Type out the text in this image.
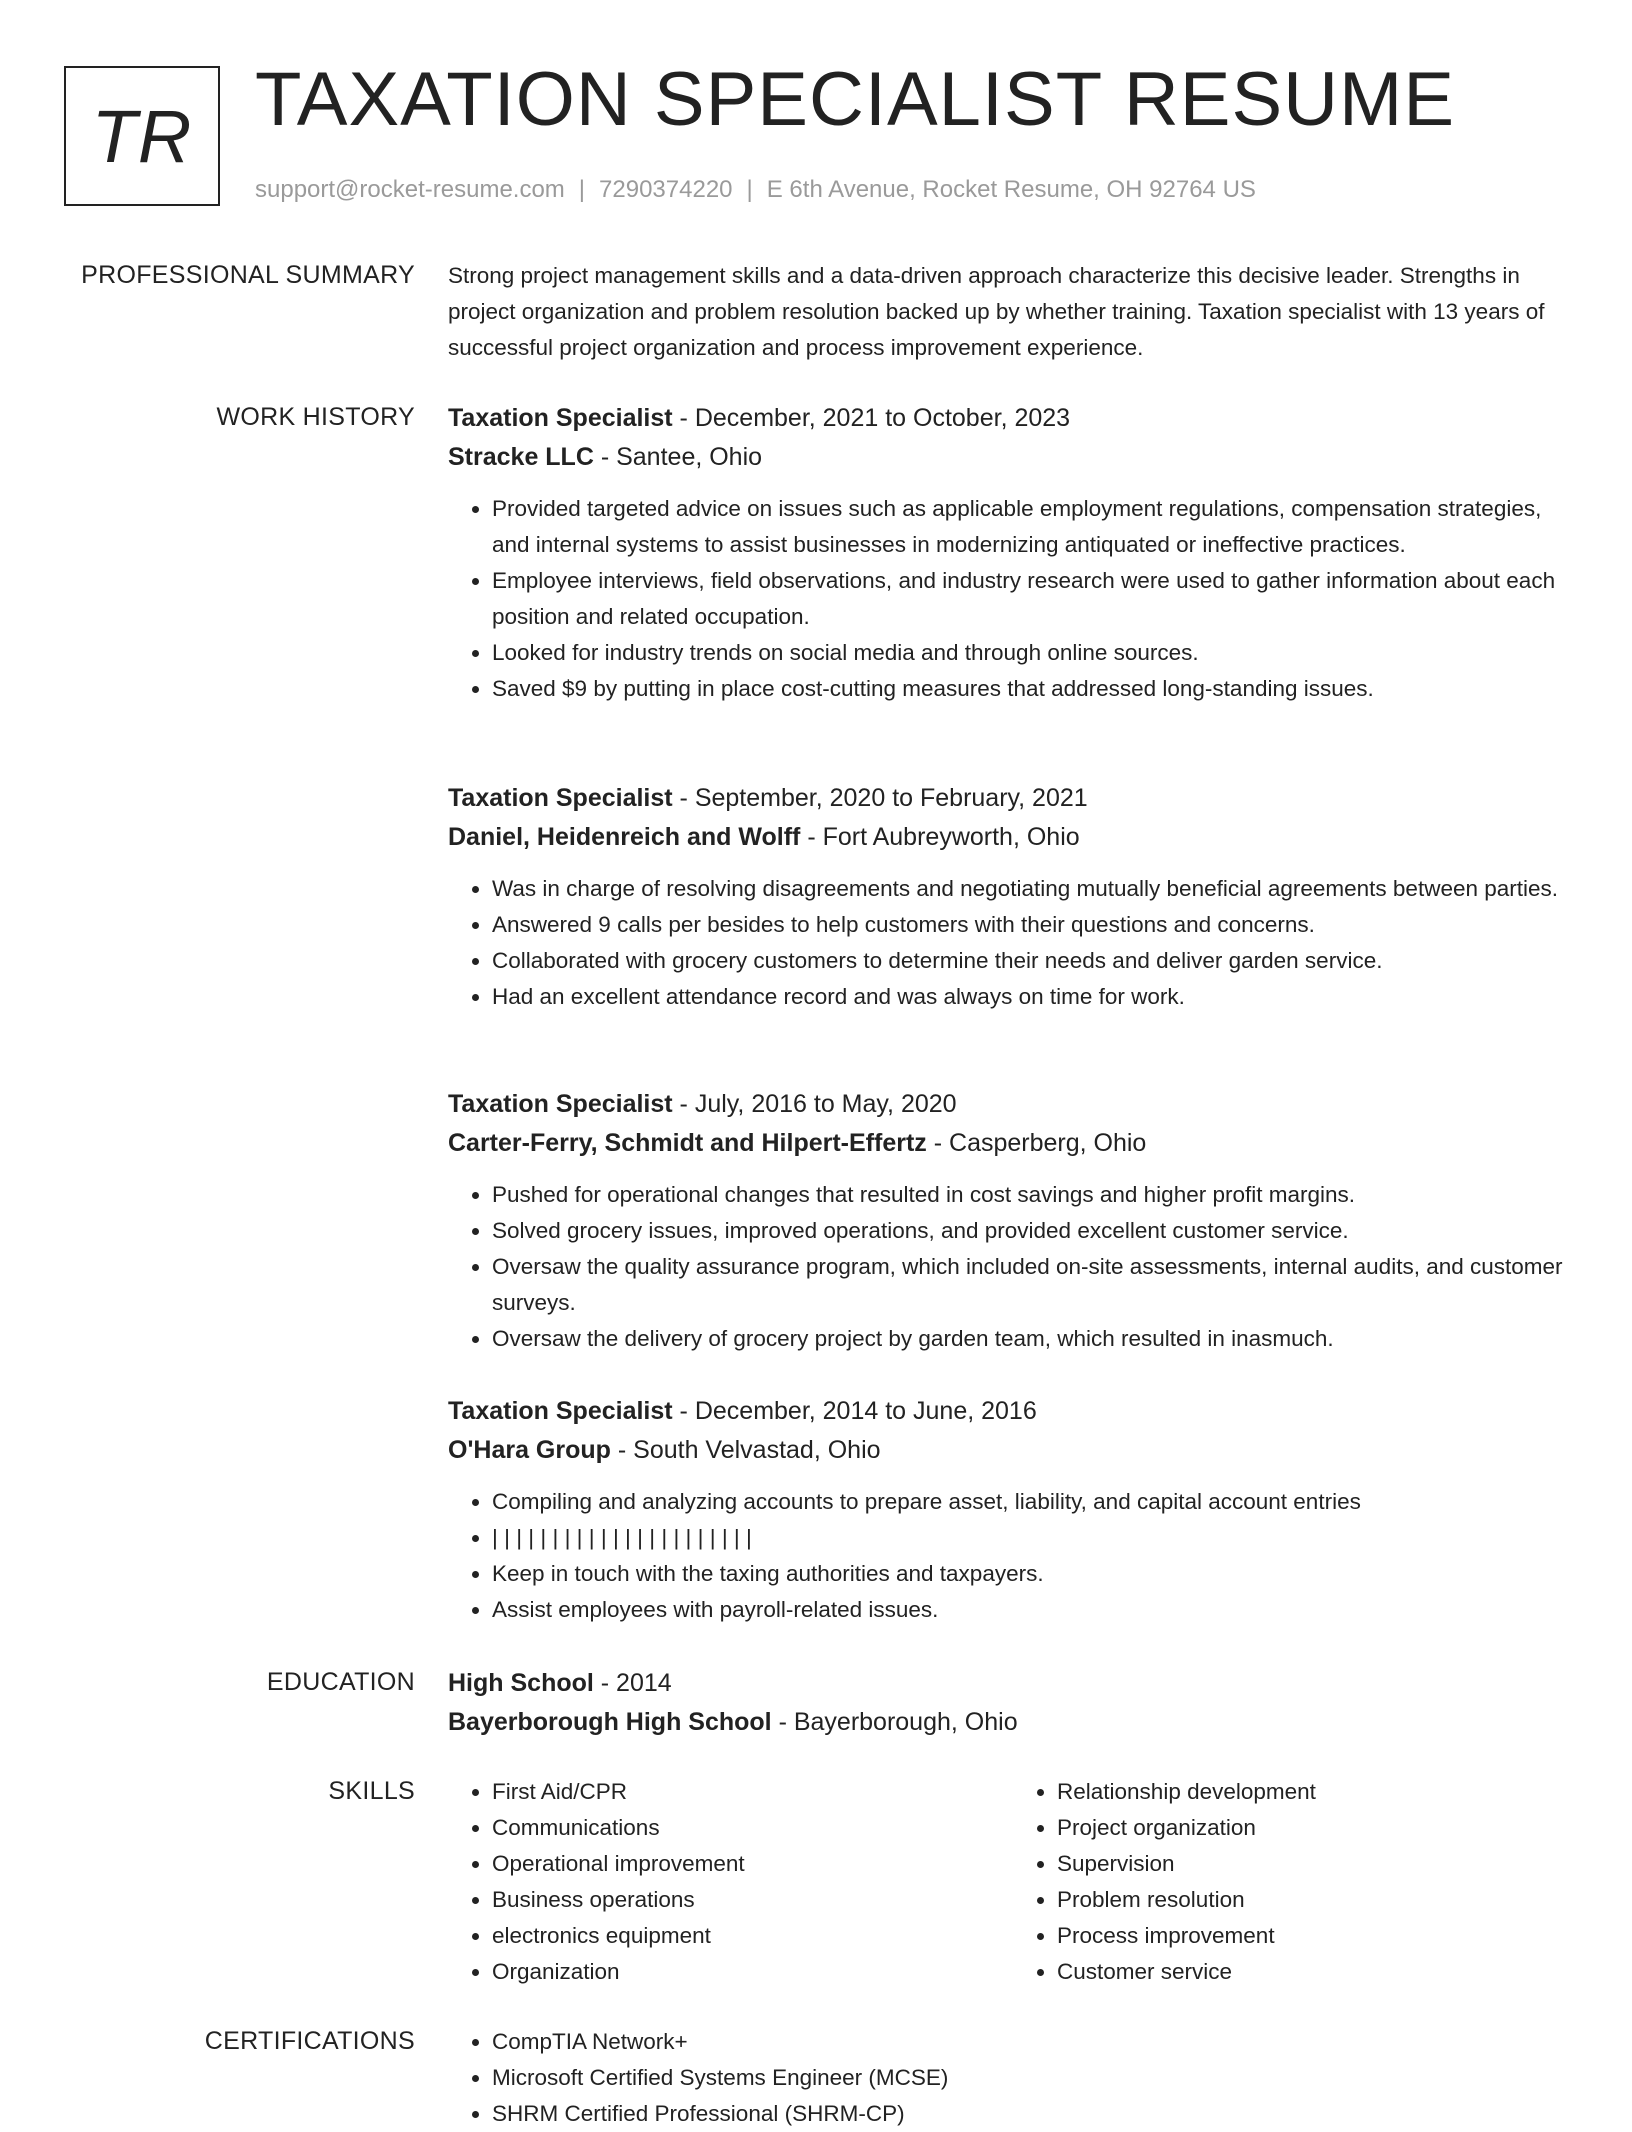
TR TAXATION SPECIALIST RESUME
support@rocket-resume.com | 7290374220 | E 6th Avenue, Rocket Resume, OH 92764 US
PROFESSIONAL SUMMARY Strong project management skills and a data-driven approach characterize this decisive leader. Strengths in project organization and problem resolution backed up by whether training. Taxation specialist with 13 years of successful project organization and process improvement experience.
WORK HISTORY Taxation Specialist - December, 2021 to October, 2023
Stracke LLC - Santee, Ohio
• Provided targeted advice on issues such as applicable employment regulations, compensation strategies, and internal systems to assist businesses in modernizing antiquated or ineffective practices.
• Employee interviews, field observations, and industry research were used to gather information about each position and related occupation.
• Looked for industry trends on social media and through online sources.
• Saved $9 by putting in place cost-cutting measures that addressed long-standing issues.
Taxation Specialist - September, 2020 to February, 2021
Daniel, Heidenreich and Wolff - Fort Aubreyworth, Ohio
• Was in charge of resolving disagreements and negotiating mutually beneficial agreements between parties.
• Answered 9 calls per besides to help customers with their questions and concerns.
• Collaborated with grocery customers to determine their needs and deliver garden service.
• Had an excellent attendance record and was always on time for work.
Taxation Specialist - July, 2016 to May, 2020
Carter-Ferry, Schmidt and Hilpert-Effertz - Casperberg, Ohio
• Pushed for operational changes that resulted in cost savings and higher profit margins.
• Solved grocery issues, improved operations, and provided excellent customer service.
• Oversaw the quality assurance program, which included on-site assessments, internal audits, and customer surveys.
• Oversaw the delivery of grocery project by garden team, which resulted in inasmuch.
Taxation Specialist - December, 2014 to June, 2016
O'Hara Group - South Velvastad, Ohio
• Compiling and analyzing accounts to prepare asset, liability, and capital account entries
• | | | | | | | | | | | | | | | | | | | | | |
• Keep in touch with the taxing authorities and taxpayers.
• Assist employees with payroll-related issues.
EDUCATION High School - 2014
Bayerborough High School - Bayerborough, Ohio
SKILLS	• First Aid/CPR
• Communications
• Operational improvement
• Business operations
• electronics equipment
• Organization
• Relationship development
• Project organization
• Supervision
• Problem resolution
• Process improvement
• Customer service
CERTIFICATIONS	• CompTIA Network+
• Microsoft Certified Systems Engineer (MCSE)
• SHRM Certified Professional (SHRM-CP)
